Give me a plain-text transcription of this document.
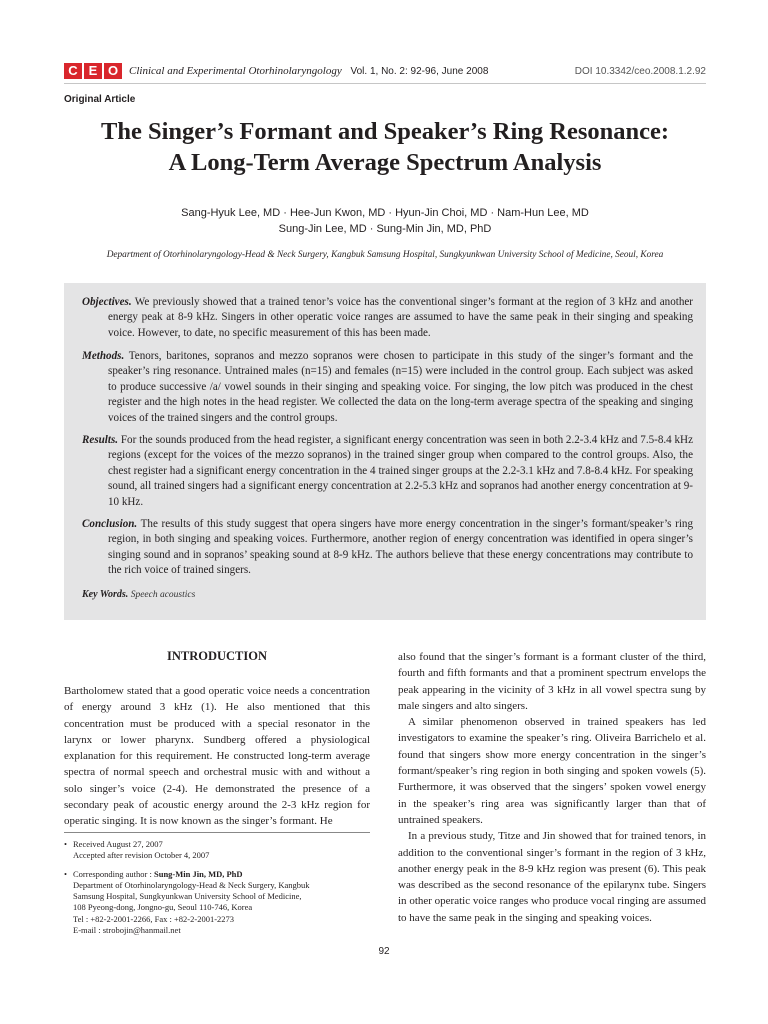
C E O Clinical and Experimental Otorhinolaryngology Vol. 1, No. 2: 92-96, June 2008	DOI 10.3342/ceo.2008.1.2.92
Original Article
The Singer’s Formant and Speaker’s Ring Resonance:
A Long-Term Average Spectrum Analysis
Sang-Hyuk Lee, MD · Hee-Jun Kwon, MD · Hyun-Jin Choi, MD · Nam-Hun Lee, MD
Sung-Jin Lee, MD · Sung-Min Jin, MD, PhD
Department of Otorhinolaryngology-Head & Neck Surgery, Kangbuk Samsung Hospital, Sungkyunkwan University School of Medicine, Seoul, Korea
Objectives. We previously showed that a trained tenor’s voice has the conventional singer’s formant at the region of 3 kHz and another energy peak at 8-9 kHz. Singers in other operatic voice ranges are assumed to have the same peak in their singing and speaking voice. However, to date, no specific measurement of this has been made.
Methods. Tenors, baritones, sopranos and mezzo sopranos were chosen to participate in this study of the singer’s formant and the speaker’s ring resonance. Untrained males (n=15) and females (n=15) were included in the control group. Each subject was asked to produce successive /a/ vowel sounds in their singing and speaking voice. For singing, the low pitch was produced in the chest register and the high notes in the head register. We collected the data on the long-term average spectra of the speaking and singing voices of the trained singers and the control groups.
Results. For the sounds produced from the head register, a significant energy concentration was seen in both 2.2-3.4 kHz and 7.5-8.4 kHz regions (except for the voices of the mezzo sopranos) in the trained singer group when compared to the control groups. Also, the chest register had a significant energy concentration in the 4 trained singer groups at the 2.2-3.1 kHz and 7.8-8.4 kHz. For speaking sound, all trained singers had a significant energy concentration at 2.2-5.3 kHz and sopranos had another energy concentration at 9-10 kHz.
Conclusion. The results of this study suggest that opera singers have more energy concentration in the singer’s formant/speaker’s ring region, in both singing and speaking voices. Furthermore, another region of energy concentration was identified in opera singer’s singing sound and in sopranos’ speaking sound at 8-9 kHz. The authors believe that these energy concentrations may contribute to the rich voice of trained singers.
Key Words. Speech acoustics
INTRODUCTION

Bartholomew stated that a good operatic voice needs a concentration of energy around 3 kHz (1). He also mentioned that this concentration must be produced with a special resonator in the larynx or lower pharynx. Sundberg offered a physiological explanation for this requirement. He constructed long-term average spectra of normal speech and orchestral music with and without a solo singer’s voice (2-4). He demonstrated the presence of a secondary peak of acoustic energy around the 2-3 kHz region for operatic singing. It is now known as the singer’s formant. He

also found that the singer’s formant is a formant cluster of the third, fourth and fifth formants and that a prominent spectrum envelops the peak appearing in the vicinity of 3 kHz in all vowel spectra sung by male singers and alto singers.

A similar phenomenon observed in trained speakers has led investigators to examine the speaker’s ring. Oliveira Barrichelo et al. found that singers show more energy concentration in the singer’s formant/speaker’s ring region in both singing and spoken vowels (5). Furthermore, it was observed that the singers’ spoken vowel energy in the speaker’s ring area was significantly larger than that of untrained speakers.

In a previous study, Titze and Jin showed that for trained tenors, in addition to the conventional singer’s formant in the region of 3 kHz, another energy peak in the 8-9 kHz region was present (6). This peak was described as the second resonance of the epilarynx tube. Singers in other operatic voice ranges who produce vocal ringing are assumed to have the same peak in the singing and speaking voices.

• Received August 27, 2007
Accepted after revision October 4, 2007
• Corresponding author : Sung-Min Jin, MD, PhD
Department of Otorhinolaryngology-Head & Neck Surgery, Kangbuk
Samsung Hospital, Sungkyunkwan University School of Medicine,
108 Pyeong-dong, Jongno-gu, Seoul 110-746, Korea
Tel : +82-2-2001-2266, Fax : +82-2-2001-2273
E-mail : strobojin@hanmail.net
92
